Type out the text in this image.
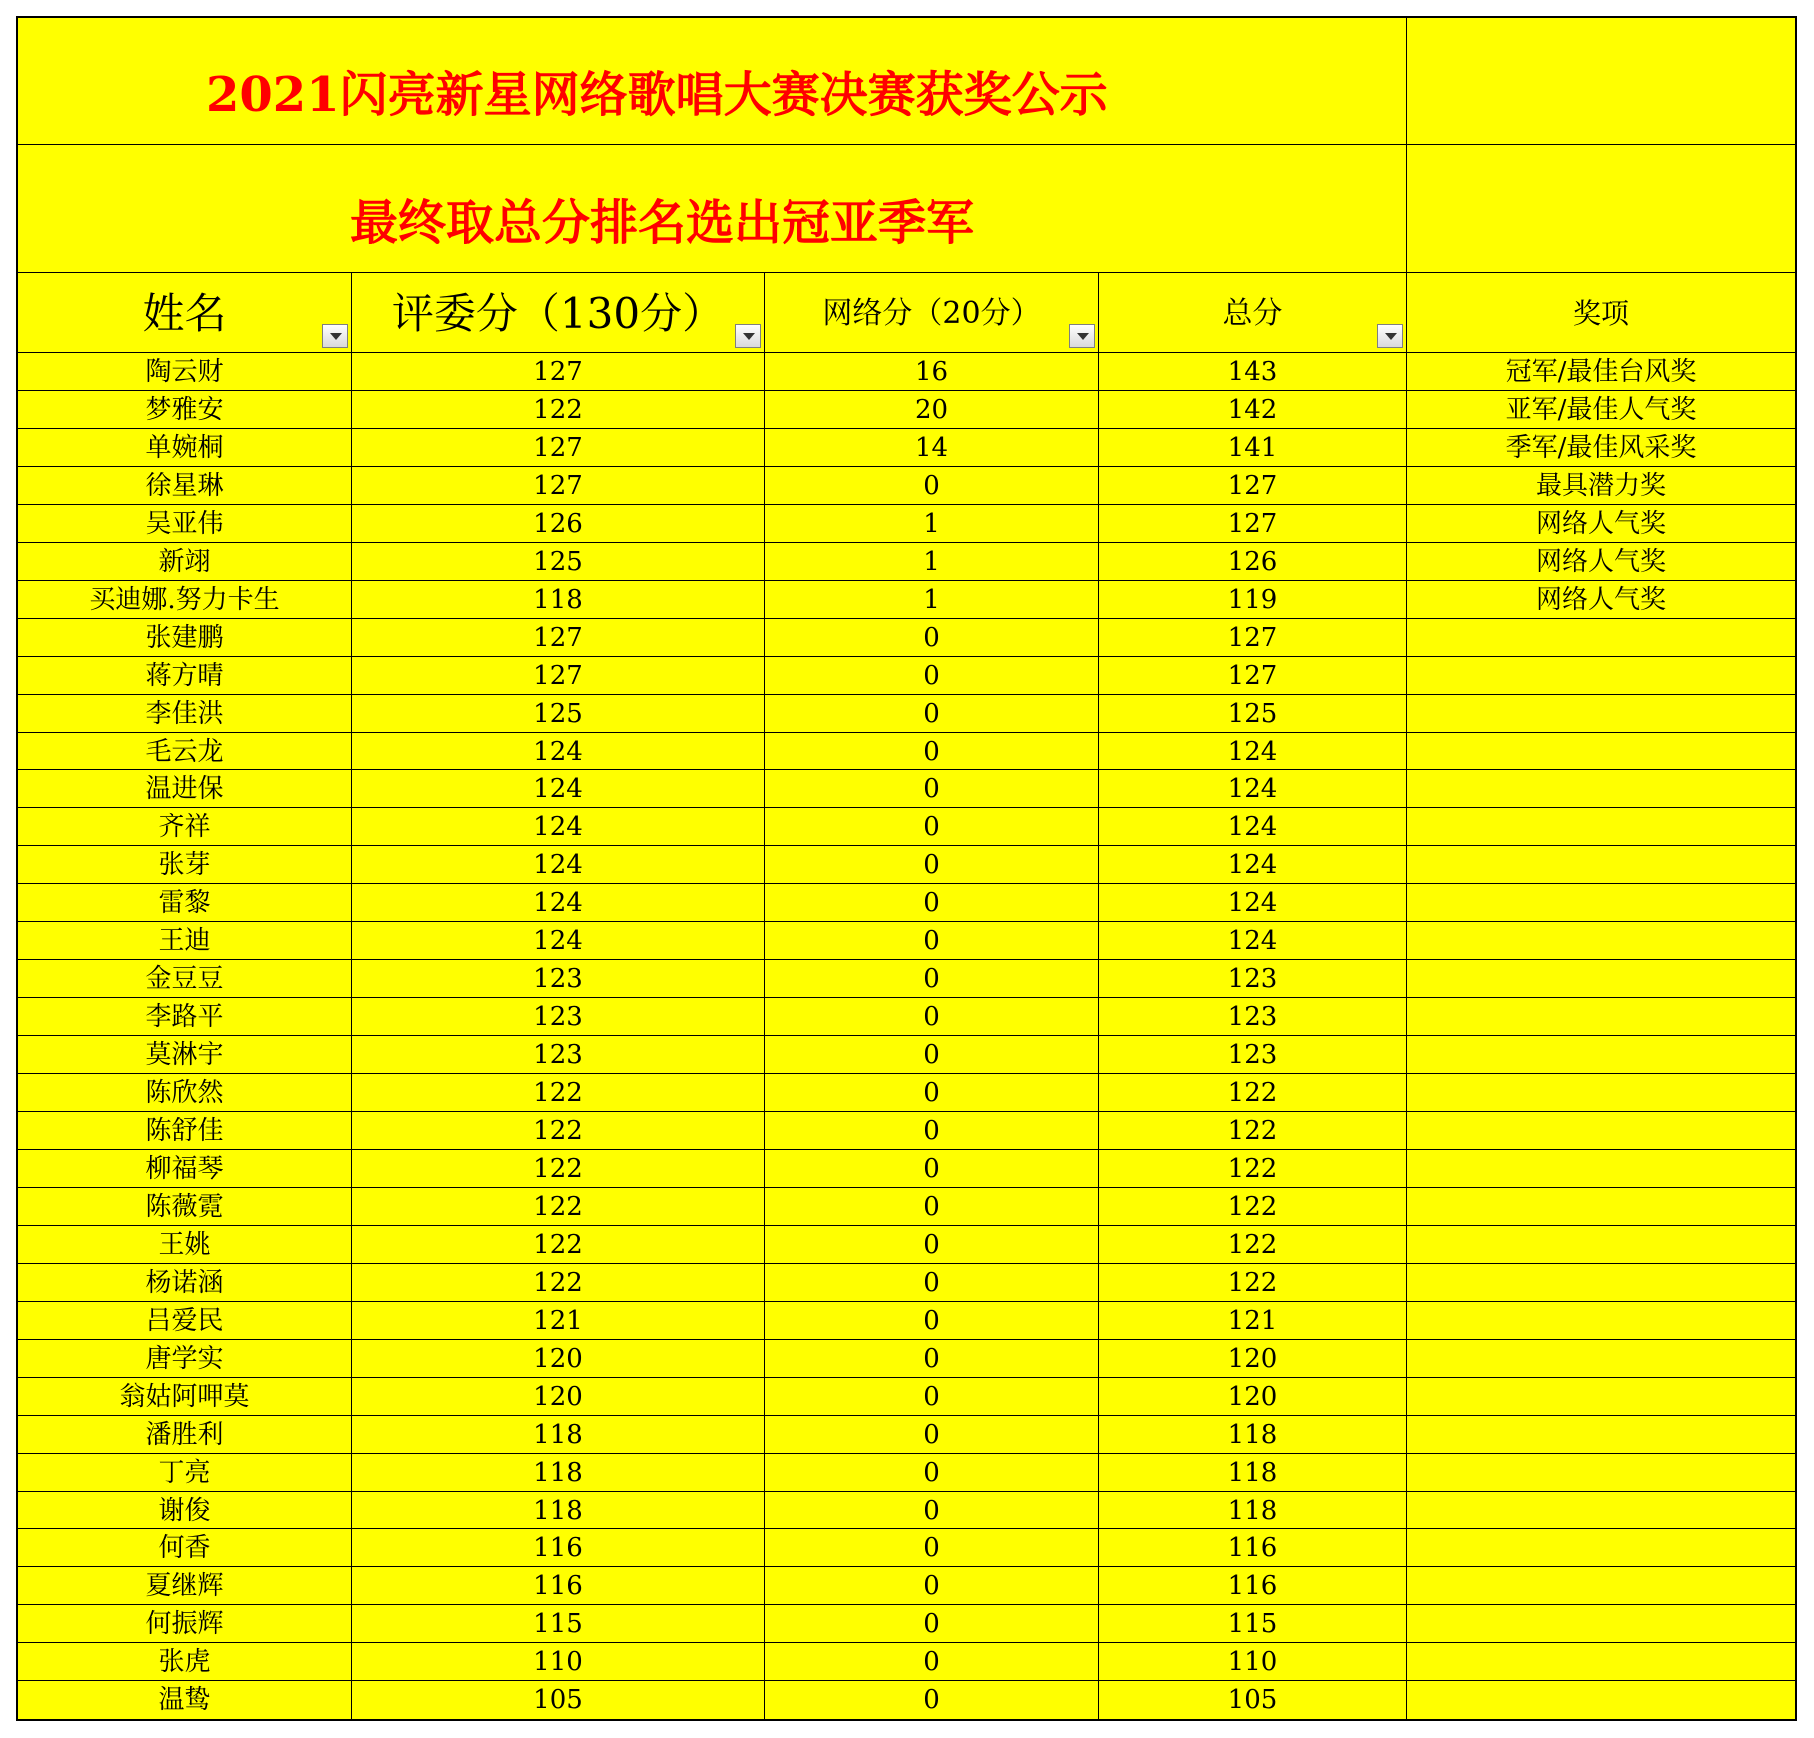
2021闪亮新星网络歌唱大赛决赛获奖公示
最终取总分排名选出冠亚季军
姓名	评委分（130分）	网络分（20分）	总分	奖项
陶云财	127	16	143	冠军/最佳台风奖
梦雅安	122	20	142	亚军/最佳人气奖
单婉桐	127	14	141	季军/最佳风采奖
徐星琳	127	0	127	最具潜力奖
吴亚伟	126	1	127	网络人气奖
新翊	125	1	126	网络人气奖
买迪娜.努力卡生	118	1	119	网络人气奖
张建鹏	127	0	127
蒋方晴	127	0	127
李佳洪	125	0	125
毛云龙	124	0	124
温进保	124	0	124
齐祥	124	0	124
张芽	124	0	124
雷黎	124	0	124
王迪	124	0	124
金豆豆	123	0	123
李路平	123	0	123
莫淋宇	123	0	123
陈欣然	122	0	122
陈舒佳	122	0	122
柳福琴	122	0	122
陈薇霓	122	0	122
王姚	122	0	122
杨诺涵	122	0	122
吕爱民	121	0	121
唐学实	120	0	120
翁姑阿呷莫	120	0	120
潘胜利	118	0	118
丁亮	118	0	118
谢俊	118	0	118
何香	116	0	116
夏继辉	116	0	116
何振辉	115	0	115
张虎	110	0	110
温鸷	105	0	105
